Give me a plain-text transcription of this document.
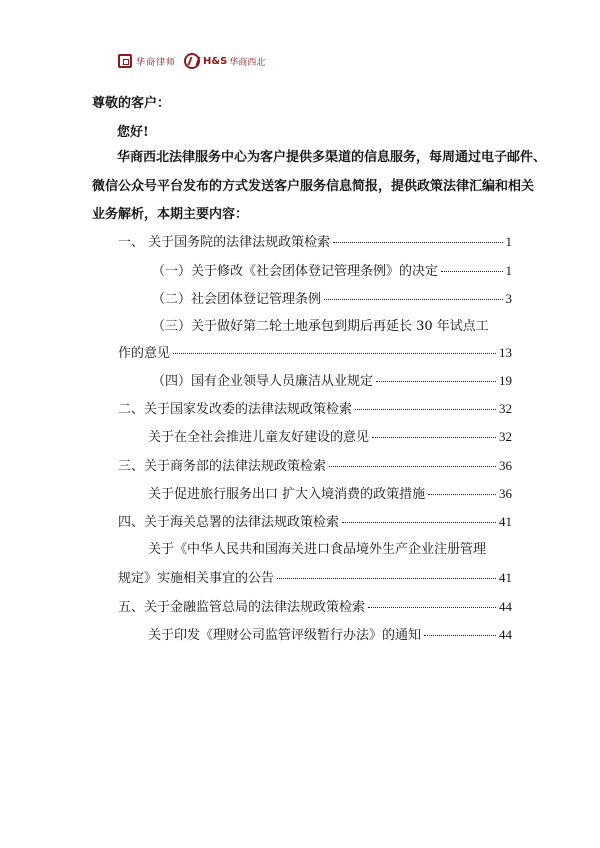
华商律师	H&S 华商西北
尊敬的客户：
您好!
华商西北法律服务中心为客户提供多渠道的信息服务，每周通过电子邮件、
微信公众号平台发布的方式发送客户服务信息简报，提供政策法律汇编和相关
业务解析，本期主要内容：
一、 关于国务院的法律法规政策检索	1
（一）关于修改《社会团体登记管理条例》的决定	1
（二）社会团体登记管理条例	3
（三）关于做好第二轮土地承包到期后再延长 30 年试点工
作的意见	13
（四）国有企业领导人员廉洁从业规定	19
二、关于国家发改委的法律法规政策检索	32
关于在全社会推进儿童友好建设的意见	32
三、关于商务部的法律法规政策检索	36
关于促进旅行服务出口 扩大入境消费的政策措施	36
四、关于海关总署的法律法规政策检索	41
关于《中华人民共和国海关进口食品境外生产企业注册管理
规定》实施相关事宜的公告	41
五、关于金融监管总局的法律法规政策检索	44
关于印发《理财公司监管评级暂行办法》的通知	44
